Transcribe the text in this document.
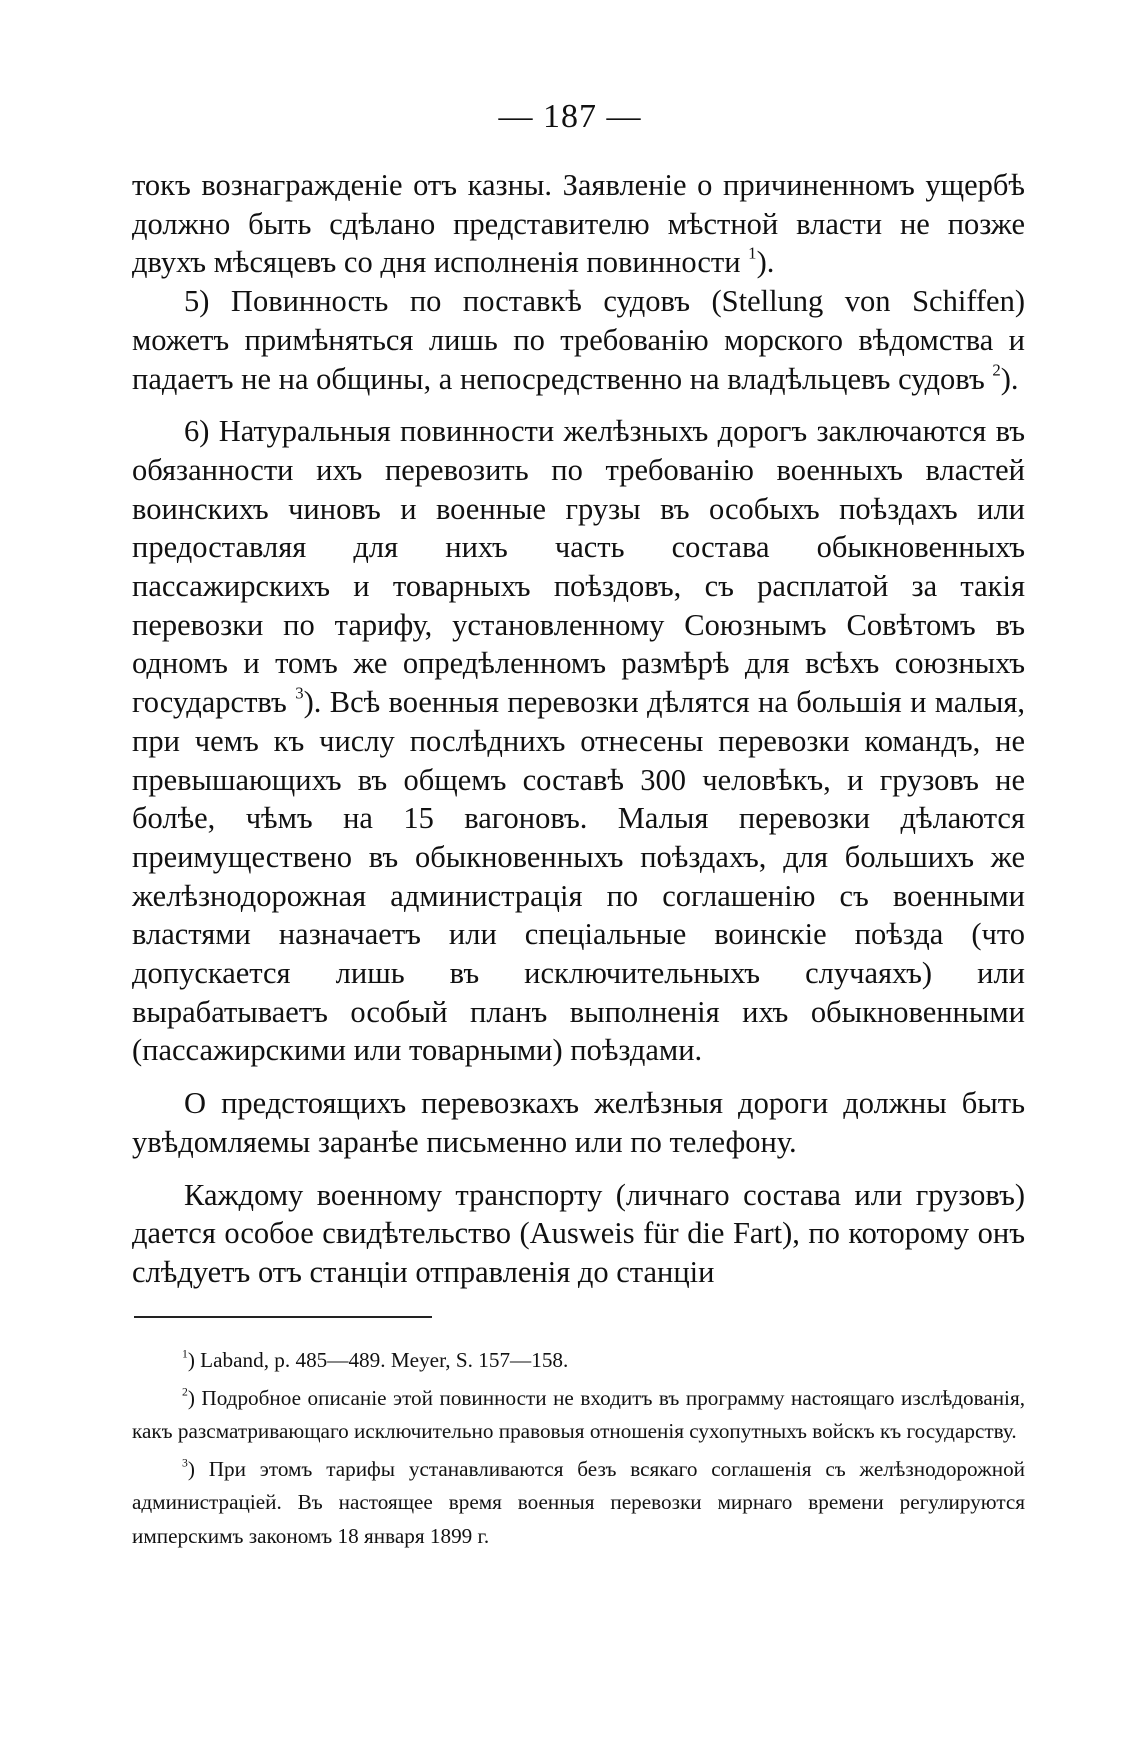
— 187 —

токъ вознагражденіе отъ казны. Заявленіе о причиненномъ ущербѣ должно быть сдѣлано представителю мѣстной власти не позже двухъ мѣсяцевъ со дня исполненія повинности $^1$).

5) Повинность по поставкѣ судовъ (Stellung von Schiffen) можетъ примѣняться лишь по требованію морского вѣдомства и падаетъ не на общины, а непосредственно на владѣльцевъ судовъ $^2$).

6) Натуральныя повинности желѣзныхъ дорогъ заключаются въ обязанности ихъ перевозить по требованію военныхъ властей воинскихъ чиновъ и военные грузы въ особыхъ поѣздахъ или предоставляя для нихъ часть состава обыкновенныхъ пассажирскихъ и товарныхъ поѣздовъ, съ расплатой за такія перевозки по тарифу, установленному Союзнымъ Совѣтомъ въ одномъ и томъ же опредѣленномъ размѣрѣ для всѣхъ союзныхъ государствъ $^3$). Всѣ военныя перевозки дѣлятся на большія и малыя, при чемъ къ числу послѣднихъ отнесены перевозки командъ, не превышающихъ въ общемъ составѣ 300 человѣкъ, и грузовъ не болѣе, чѣмъ на 15 вагоновъ. Малыя перевозки дѣлаются преимуществено въ обыкновенныхъ поѣздахъ, для большихъ же желѣзнодорожная администрація по соглашенію съ военными властями назначаетъ или спеціальные воинскіе поѣзда (что допускается лишь въ исключительныхъ случаяхъ) или вырабатываетъ особый планъ выполненія ихъ обыкновенными (пассажирскими или товарными) поѣздами.

О предстоящихъ перевозкахъ желѣзныя дороги должны быть увѣдомляемы заранѣе письменно или по телефону.

Каждому военному транспорту (личнаго состава или грузовъ) дается особое свидѣтельство (Ausweis für die Fart), по которому онъ слѣдуетъ отъ станціи отправленія до станціи

$^1$) Laband, p. 485—489. Meyer, S. 157—158.

$^2$) Подробное описаніе этой повинности не входитъ въ программу настоящаго изслѣдованія, какъ разсматривающаго исключительно правовыя отношенія сухопутныхъ войскъ къ государству.

$^3$) При этомъ тарифы устанавливаются безъ всякаго соглашенія съ желѣзнодорожной администраціей. Въ настоящее время военныя перевозки мирнаго времени регулируются имперскимъ закономъ 18 января 1899 г.
